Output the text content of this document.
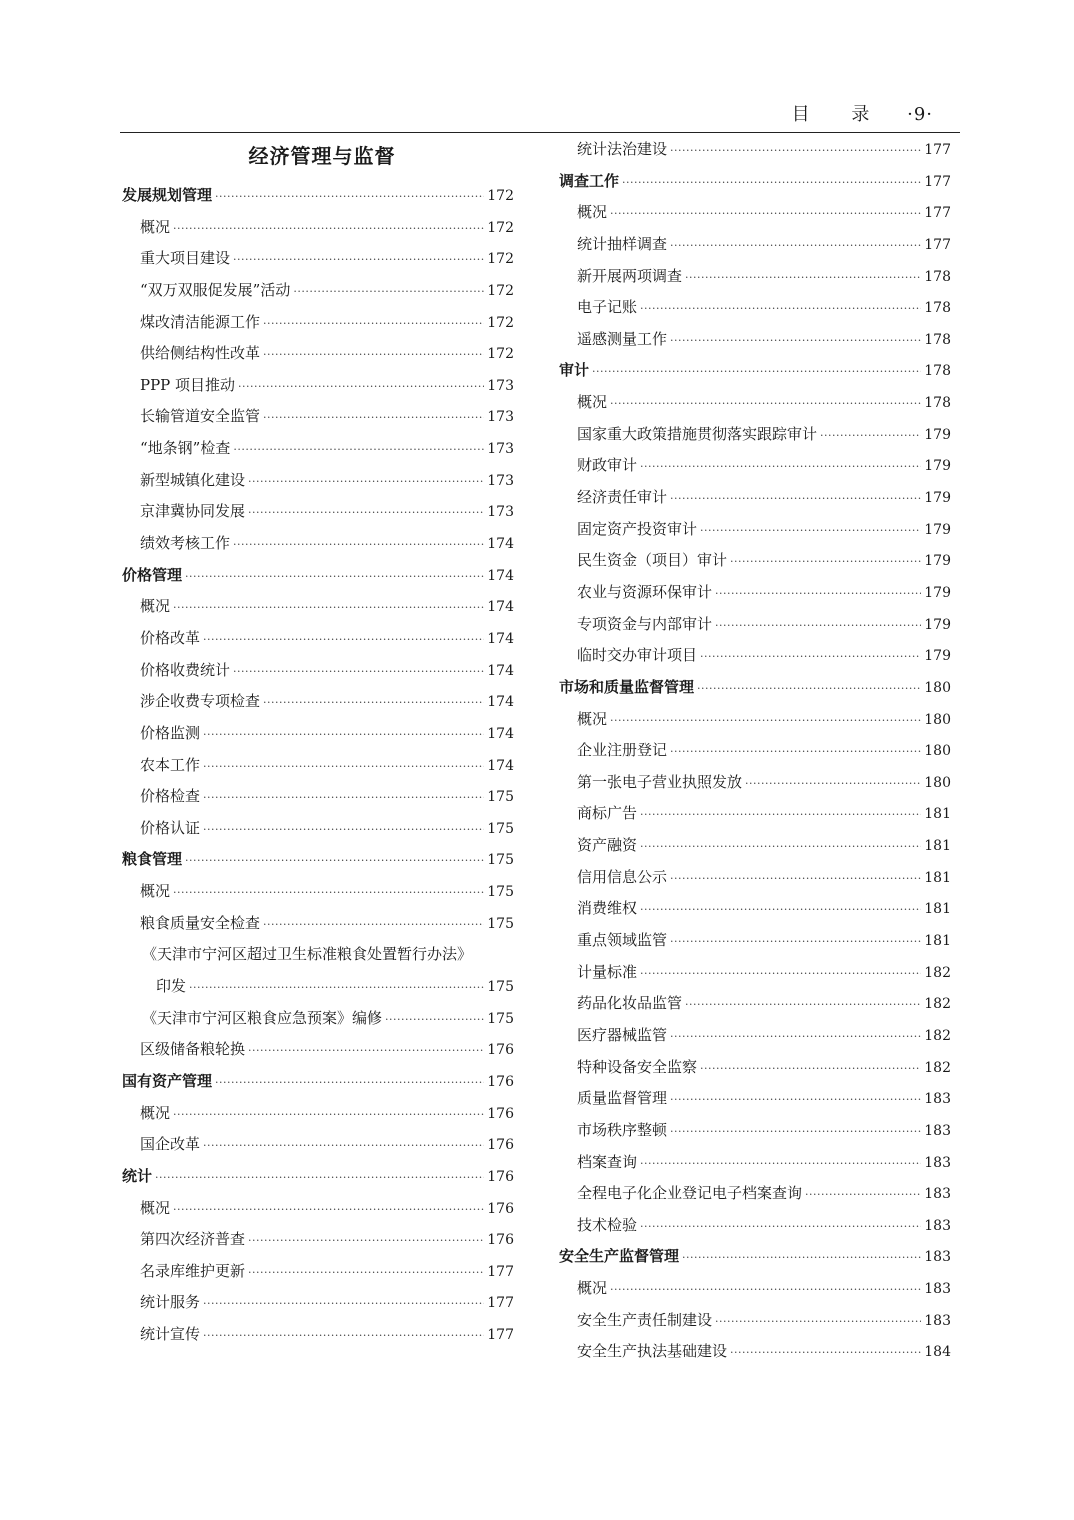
目 录 ·9·
经济管理与监督
发展规划管理 ·····	172
概况 ·····	172
重大项目建设 ·····	172
“双万双服促发展”活动 ·····	172
煤改清洁能源工作 ·····	172
供给侧结构性改革 ·····	172
PPP 项目推动 ·····	173
长输管道安全监管 ·····	173
“地条钢”检查 ·····	173
新型城镇化建设 ·····	173
京津冀协同发展 ·····	173
绩效考核工作 ·····	174
价格管理 ·····	174
概况 ·····	174
价格改革 ·····	174
价格收费统计 ·····	174
涉企收费专项检查 ·····	174
价格监测 ·····	174
农本工作 ·····	174
价格检查 ·····	175
价格认证 ·····	175
粮食管理 ·····	175
概况 ·····	175
粮食质量安全检查 ·····	175
《天津市宁河区超过卫生标准粮食处置暂行办法》
印发 ·····	175
《天津市宁河区粮食应急预案》编修 ·····	175
区级储备粮轮换 ·····	176
国有资产管理 ·····	176
概况 ·····	176
国企改革 ·····	176
统计 ·····	176
概况 ·····	176
第四次经济普查 ·····	176
名录库维护更新 ·····	177
统计服务 ·····	177
统计宣传 ·····	177
统计法治建设 ·····	177
调查工作 ·····	177
概况 ·····	177
统计抽样调查 ·····	177
新开展两项调查 ·····	178
电子记账 ·····	178
遥感测量工作 ·····	178
审计 ·····	178
概况 ·····	178
国家重大政策措施贯彻落实跟踪审计 ·····	179
财政审计 ·····	179
经济责任审计 ·····	179
固定资产投资审计 ·····	179
民生资金（项目）审计 ·····	179
农业与资源环保审计 ·····	179
专项资金与内部审计 ·····	179
临时交办审计项目 ·····	179
市场和质量监督管理 ·····	180
概况 ·····	180
企业注册登记 ·····	180
第一张电子营业执照发放 ·····	180
商标广告 ·····	181
资产融资 ·····	181
信用信息公示 ·····	181
消费维权 ·····	181
重点领域监管 ·····	181
计量标准 ·····	182
药品化妆品监管 ·····	182
医疗器械监管 ·····	182
特种设备安全监察 ·····	182
质量监督管理 ·····	183
市场秩序整顿 ·····	183
档案查询 ·····	183
全程电子化企业登记电子档案查询 ·····	183
技术检验 ·····	183
安全生产监督管理 ·····	183
概况 ·····	183
安全生产责任制建设 ·····	183
安全生产执法基础建设 ·····	184
